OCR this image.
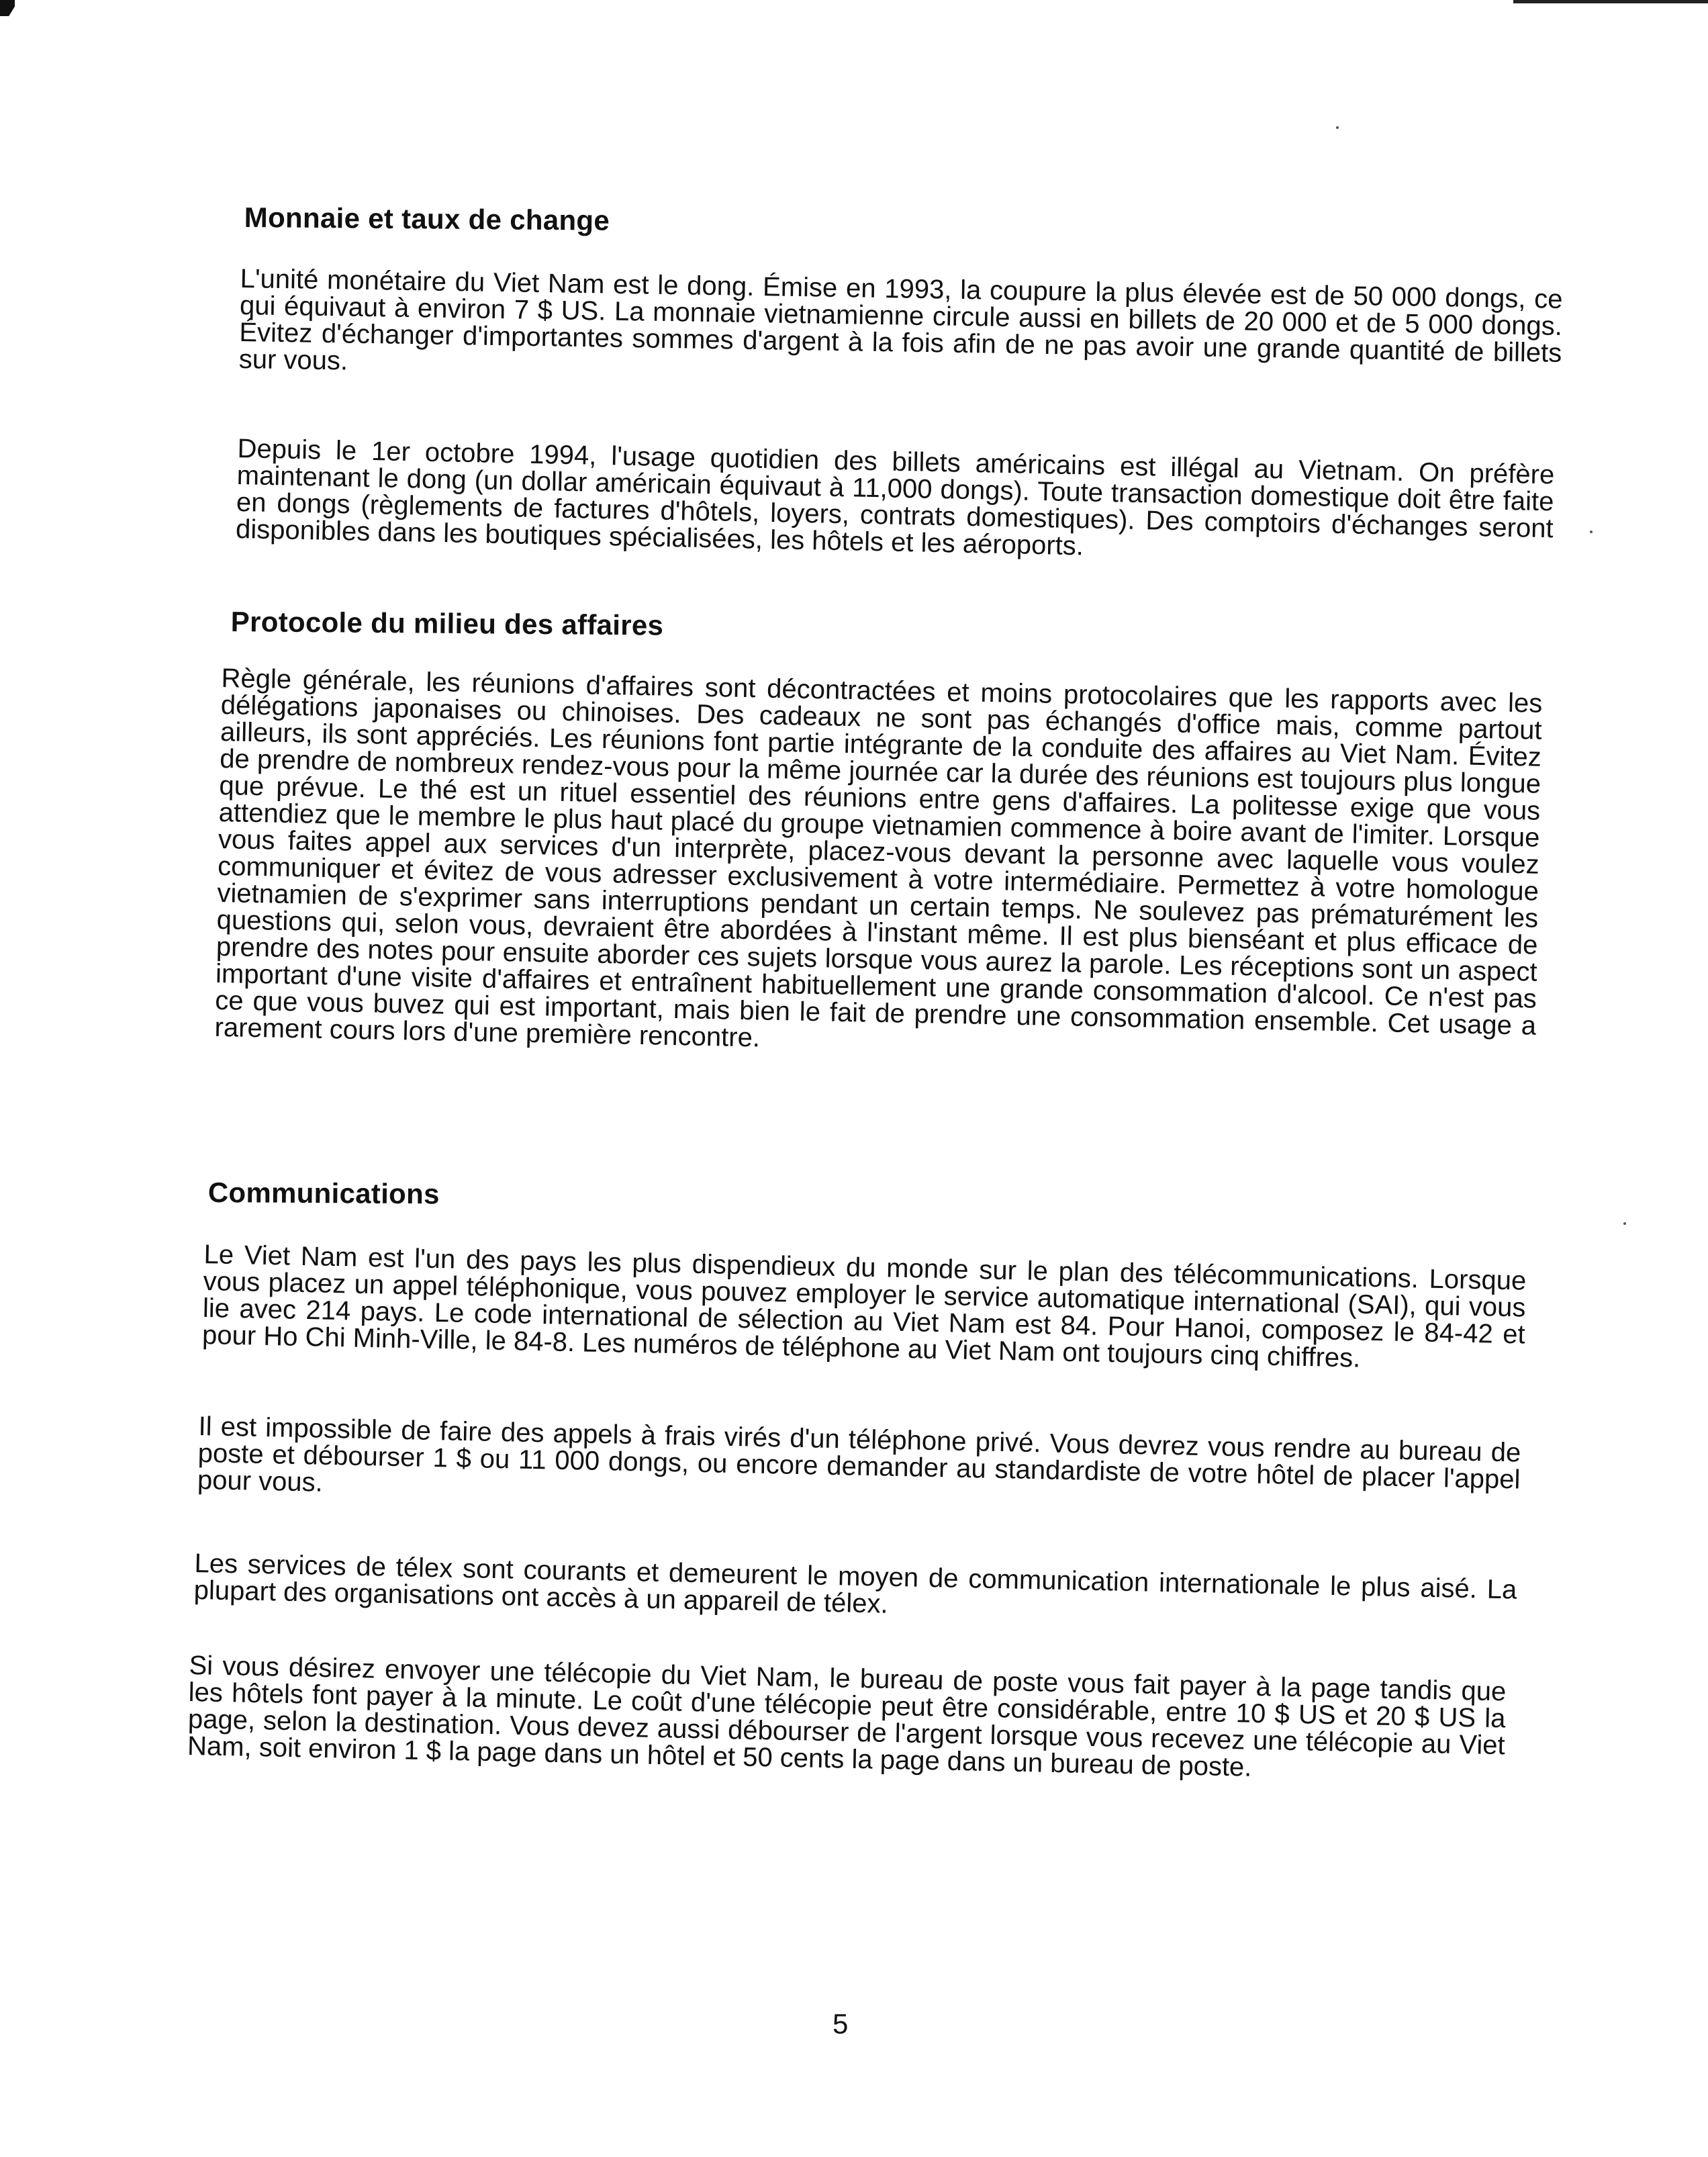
Monnaie et taux de change

L'unité monétaire du Viet Nam est le dong. Émise en 1993, la coupure la plus élevée est de 50 000 dongs, ce qui équivaut à environ 7 $ US. La monnaie vietnamienne circule aussi en billets de 20 000 et de 5 000 dongs. Évitez d'échanger d'importantes sommes d'argent à la fois afin de ne pas avoir une grande quantité de billets sur vous.

Depuis le 1er octobre 1994, l'usage quotidien des billets américains est illégal au Vietnam. On préfère maintenant le dong (un dollar américain équivaut à 11,000 dongs). Toute transaction domestique doit être faite en dongs (règlements de factures d'hôtels, loyers, contrats domestiques). Des comptoirs d'échanges seront disponibles dans les boutiques spécialisées, les hôtels et les aéroports.

Protocole du milieu des affaires

Règle générale, les réunions d'affaires sont décontractées et moins protocolaires que les rapports avec les délégations japonaises ou chinoises. Des cadeaux ne sont pas échangés d'office mais, comme partout ailleurs, ils sont appréciés. Les réunions font partie intégrante de la conduite des affaires au Viet Nam. Évitez de prendre de nombreux rendez-vous pour la même journée car la durée des réunions est toujours plus longue que prévue. Le thé est un rituel essentiel des réunions entre gens d'affaires. La politesse exige que vous attendiez que le membre le plus haut placé du groupe vietnamien commence à boire avant de l'imiter. Lorsque vous faites appel aux services d'un interprète, placez-vous devant la personne avec laquelle vous voulez communiquer et évitez de vous adresser exclusivement à votre intermédiaire. Permettez à votre homologue vietnamien de s'exprimer sans interruptions pendant un certain temps. Ne soulevez pas prématurément les questions qui, selon vous, devraient être abordées à l'instant même. Il est plus bienséant et plus efficace de prendre des notes pour ensuite aborder ces sujets lorsque vous aurez la parole. Les réceptions sont un aspect important d'une visite d'affaires et entraînent habituellement une grande consommation d'alcool. Ce n'est pas ce que vous buvez qui est important, mais bien le fait de prendre une consommation ensemble. Cet usage a rarement cours lors d'une première rencontre.

Communications

Le Viet Nam est l'un des pays les plus dispendieux du monde sur le plan des télécommunications. Lorsque vous placez un appel téléphonique, vous pouvez employer le service automatique international (SAI), qui vous lie avec 214 pays. Le code international de sélection au Viet Nam est 84. Pour Hanoi, composez le 84-42 et pour Ho Chi Minh-Ville, le 84-8. Les numéros de téléphone au Viet Nam ont toujours cinq chiffres.

Il est impossible de faire des appels à frais virés d'un téléphone privé. Vous devrez vous rendre au bureau de poste et débourser 1 $ ou 11 000 dongs, ou encore demander au standardiste de votre hôtel de placer l'appel pour vous.

Les services de télex sont courants et demeurent le moyen de communication internationale le plus aisé. La plupart des organisations ont accès à un appareil de télex.

Si vous désirez envoyer une télécopie du Viet Nam, le bureau de poste vous fait payer à la page tandis que les hôtels font payer à la minute. Le coût d'une télécopie peut être considérable, entre 10 $ US et 20 $ US la page, selon la destination. Vous devez aussi débourser de l'argent lorsque vous recevez une télécopie au Viet Nam, soit environ 1 $ la page dans un hôtel et 50 cents la page dans un bureau de poste.

5
